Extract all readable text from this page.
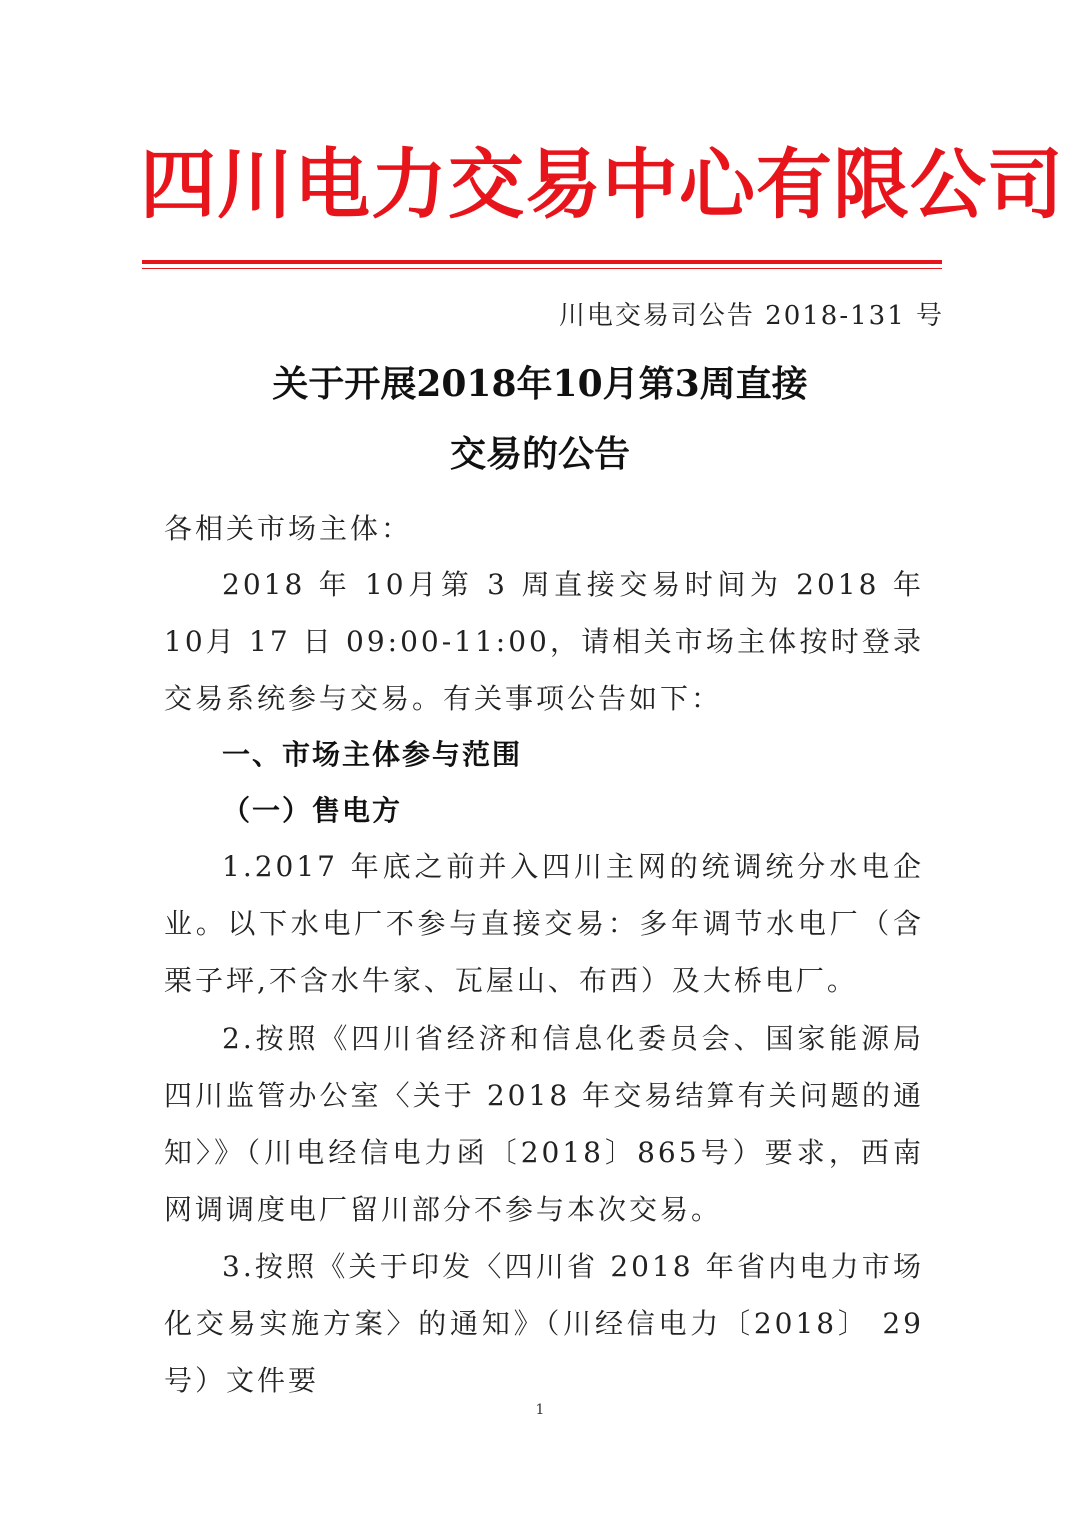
四川电力交易中心有限公司
川电交易司公告 2018-131 号
关于开展2018年10月第3周直接
交易的公告
各相关市场主体：

2018 年 10月第 3 周直接交易时间为 2018 年 10月 17 日 09:00-11:00，请相关市场主体按时登录交易系统参与交易。有关事项公告如下：

一、市场主体参与范围
（一）售电方

1.2017 年底之前并入四川主网的统调统分水电企业。以下水电厂不参与直接交易：多年调节水电厂（含栗子坪,不含水牛家、瓦屋山、布西）及大桥电厂。

2.按照《四川省经济和信息化委员会、国家能源局四川监管办公室〈关于 2018 年交易结算有关问题的通知〉》（川电经信电力函〔2018〕865号）要求，西南网调调度电厂留川部分不参与本次交易。

3.按照《关于印发〈四川省 2018 年省内电力市场化交易实施方案〉的通知》（川经信电力〔2018〕 29 号）文件要

1
